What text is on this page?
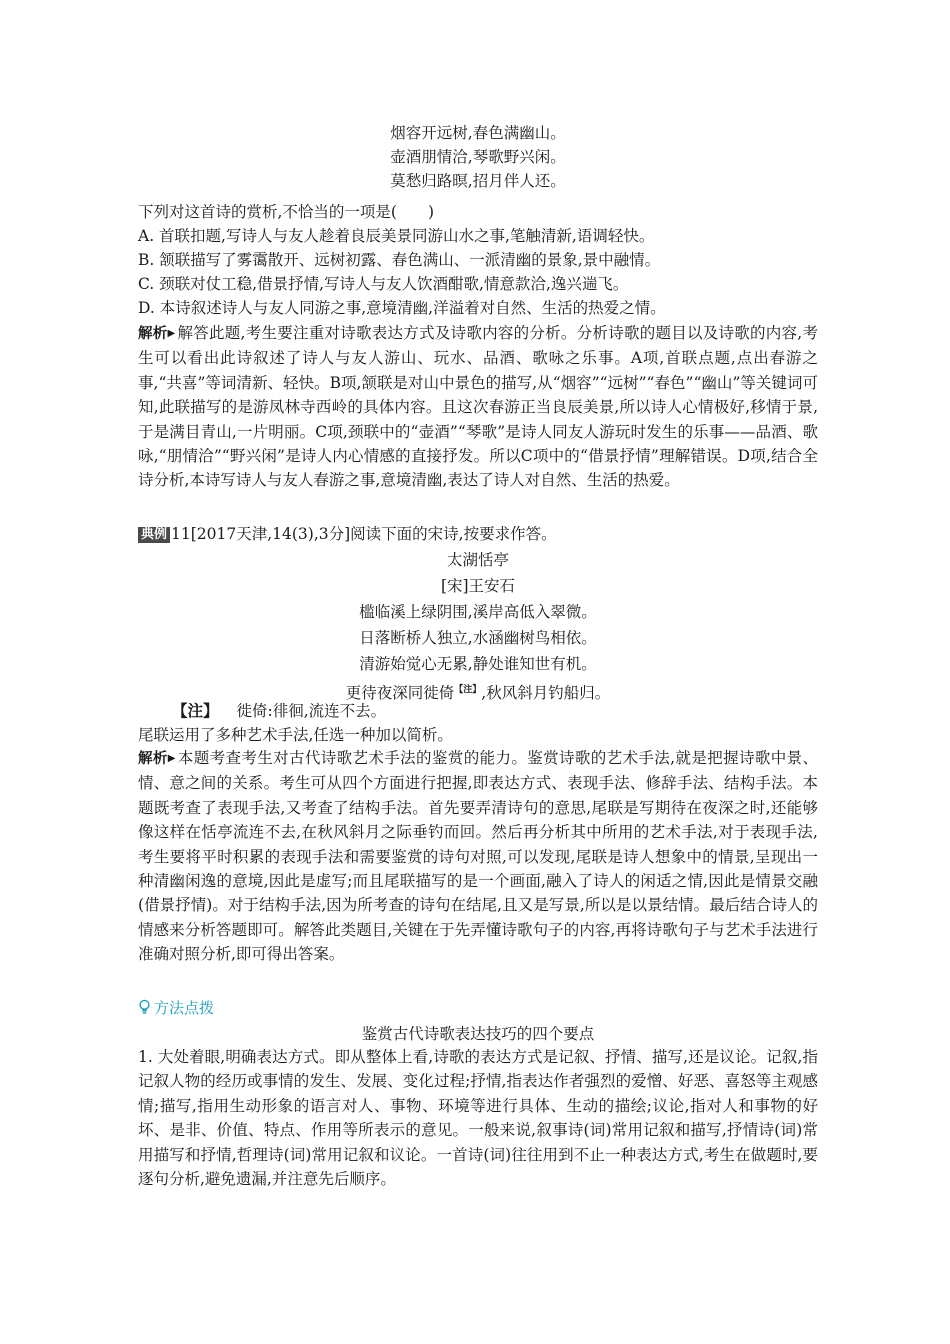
烟容开远树,春色满幽山。
壶酒朋情洽,琴歌野兴闲。
莫愁归路暝,招月伴人还。
下列对这首诗的赏析,不恰当的一项是(　　)
A. 首联扣题,写诗人与友人趁着良辰美景同游山水之事,笔触清新,语调轻快。
B. 颔联描写了雾霭散开、远树初露、春色满山、一派清幽的景象,景中融情。
C. 颈联对仗工稳,借景抒情,写诗人与友人饮酒酣歌,情意款洽,逸兴遄飞。
D. 本诗叙述诗人与友人同游之事,意境清幽,洋溢着对自然、生活的热爱之情。
解析▶ 解答此题,考生要注重对诗歌表达方式及诗歌内容的分析。分析诗歌的题目以及诗歌的内容,考生可以看出此诗叙述了诗人与友人游山、玩水、品酒、歌咏之乐事。A项,首联点题,点出春游之事,“共喜”等词清新、轻快。B项,颔联是对山中景色的描写,从“烟容”“远树”“春色”“幽山”等关键词可知,此联描写的是游凤林寺西岭的具体内容。且这次春游正当良辰美景,所以诗人心情极好,移情于景,于是满目青山,一片明丽。C项,颈联中的“壶酒”“琴歌”是诗人同友人游玩时发生的乐事——品酒、歌咏,“朋情洽”“野兴闲”是诗人内心情感的直接抒发。所以C项中的“借景抒情”理解错误。D项,结合全诗分析,本诗写诗人与友人春游之事,意境清幽,表达了诗人对自然、生活的热爱。
典例 11[2017天津,14(3),3分]阅读下面的宋诗,按要求作答。
太湖恬亭
[宋]王安石
槛临溪上绿阴围,溪岸高低入翠微。
日落断桥人独立,水涵幽树鸟相依。
清游始觉心无累,静处谁知世有机。
更待夜深同徙倚$^{【注】}$,秋风斜月钓船归。
【注】 徙倚:徘徊,流连不去。
尾联运用了多种艺术手法,任选一种加以简析。
解析▶ 本题考查考生对古代诗歌艺术手法的鉴赏的能力。鉴赏诗歌的艺术手法,就是把握诗歌中景、情、意之间的关系。考生可从四个方面进行把握,即表达方式、表现手法、修辞手法、结构手法。本题既考查了表现手法,又考查了结构手法。首先要弄清诗句的意思,尾联是写期待在夜深之时,还能够像这样在恬亭流连不去,在秋风斜月之际垂钓而回。然后再分析其中所用的艺术手法,对于表现手法,考生要将平时积累的表现手法和需要鉴赏的诗句对照,可以发现,尾联是诗人想象中的情景,呈现出一种清幽闲逸的意境,因此是虚写;而且尾联描写的是一个画面,融入了诗人的闲适之情,因此是情景交融(借景抒情)。对于结构手法,因为所考查的诗句在结尾,且又是写景,所以是以景结情。最后结合诗人的情感来分析答题即可。解答此类题目,关键在于先弄懂诗歌句子的内容,再将诗歌句子与艺术手法进行准确对照分析,即可得出答案。
方法点拨
鉴赏古代诗歌表达技巧的四个要点
1. 大处着眼,明确表达方式。即从整体上看,诗歌的表达方式是记叙、抒情、描写,还是议论。记叙,指记叙人物的经历或事情的发生、发展、变化过程;抒情,指表达作者强烈的爱憎、好恶、喜怒等主观感情;描写,指用生动形象的语言对人、事物、环境等进行具体、生动的描绘;议论,指对人和事物的好坏、是非、价值、特点、作用等所表示的意见。一般来说,叙事诗(词)常用记叙和描写,抒情诗(词)常用描写和抒情,哲理诗(词)常用记叙和议论。一首诗(词)往往用到不止一种表达方式,考生在做题时,要逐句分析,避免遗漏,并注意先后顺序。
